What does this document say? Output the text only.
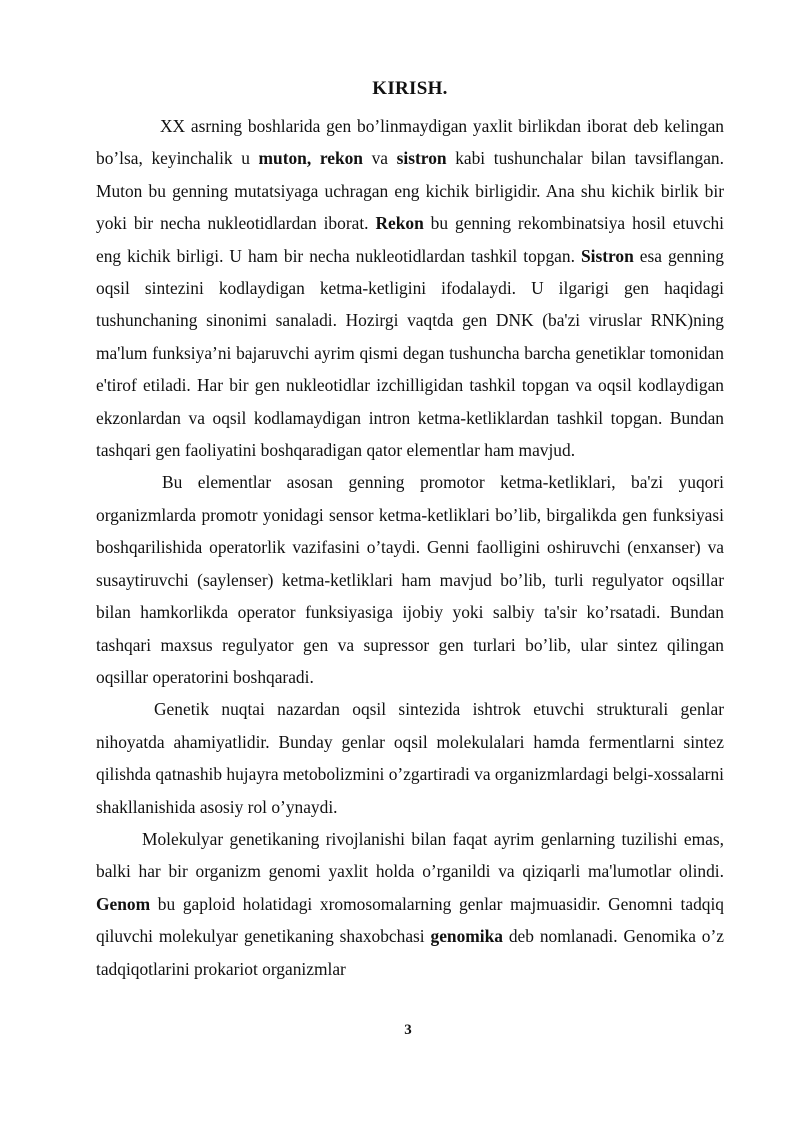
KIRISH.

XX asrning boshlarida gen bo’linmaydigan yaxlit birlikdan iborat deb kelingan bo’lsa, keyinchalik u muton, rekon va sistron kabi tushunchalar bilan tavsiflangan. Muton bu genning mutatsiyaga uchragan eng kichik birligidir. Ana shu kichik birlik bir yoki bir necha nukleotidlardan iborat. Rekon bu genning rekombinatsiya hosil etuvchi eng kichik birligi. U ham bir necha nukleotidlardan tashkil topgan. Sistron esa genning oqsil sintezini kodlaydigan ketma-ketligini ifodalaydi. U ilgarigi gen haqidagi tushunchaning sinonimi sanaladi. Hozirgi vaqtda gen DNK (ba'zi viruslar RNK)ning ma'lum funksiya’ni bajaruvchi ayrim qismi degan tushuncha barcha genetiklar tomonidan e'tirof etiladi. Har bir gen nukleotidlar izchilligidan tashkil topgan va oqsil kodlaydigan ekzonlardan va oqsil kodlamaydigan intron ketma-ketliklardan tashkil topgan. Bundan tashqari gen faoliyatini boshqaradigan qator elementlar ham mavjud.

Bu elementlar asosan genning promotor ketma-ketliklari, ba'zi yuqori organizmlarda promotr yonidagi sensor ketma-ketliklari bo’lib, birgalikda gen funksiyasi boshqarilishida operatorlik vazifasini o’taydi. Genni faolligini oshiruvchi (enxanser) va susaytiruvchi (saylenser) ketma-ketliklari ham mavjud bo’lib, turli regulyator oqsillar bilan hamkorlikda operator funksiyasiga ijobiy yoki salbiy ta'sir ko’rsatadi. Bundan tashqari maxsus regulyator gen va supressor gen turlari bo’lib, ular sintez qilingan oqsillar operatorini boshqaradi.

Genetik nuqtai nazardan oqsil sintezida ishtrok etuvchi strukturali genlar nihoyatda ahamiyatlidir. Bunday genlar oqsil molekulalari hamda fermentlarni sintez qilishda qatnashib hujayra metobolizmini o’zgartiradi va organizmlardagi belgi-xossalarni shakllanishida asosiy rol o’ynaydi.

Molekulyar genetikaning rivojlanishi bilan faqat ayrim genlarning tuzilishi emas, balki har bir organizm genomi yaxlit holda o’rganildi va qiziqarli ma'lumotlar olindi. Genom bu gaploid holatidagi xromosomalarning genlar majmuasidir. Genomni tadqiq qiluvchi molekulyar genetikaning shaxobchasi genomika deb nomlanadi. Genomika o’z tadqiqotlarini prokariot organizmlar

3
